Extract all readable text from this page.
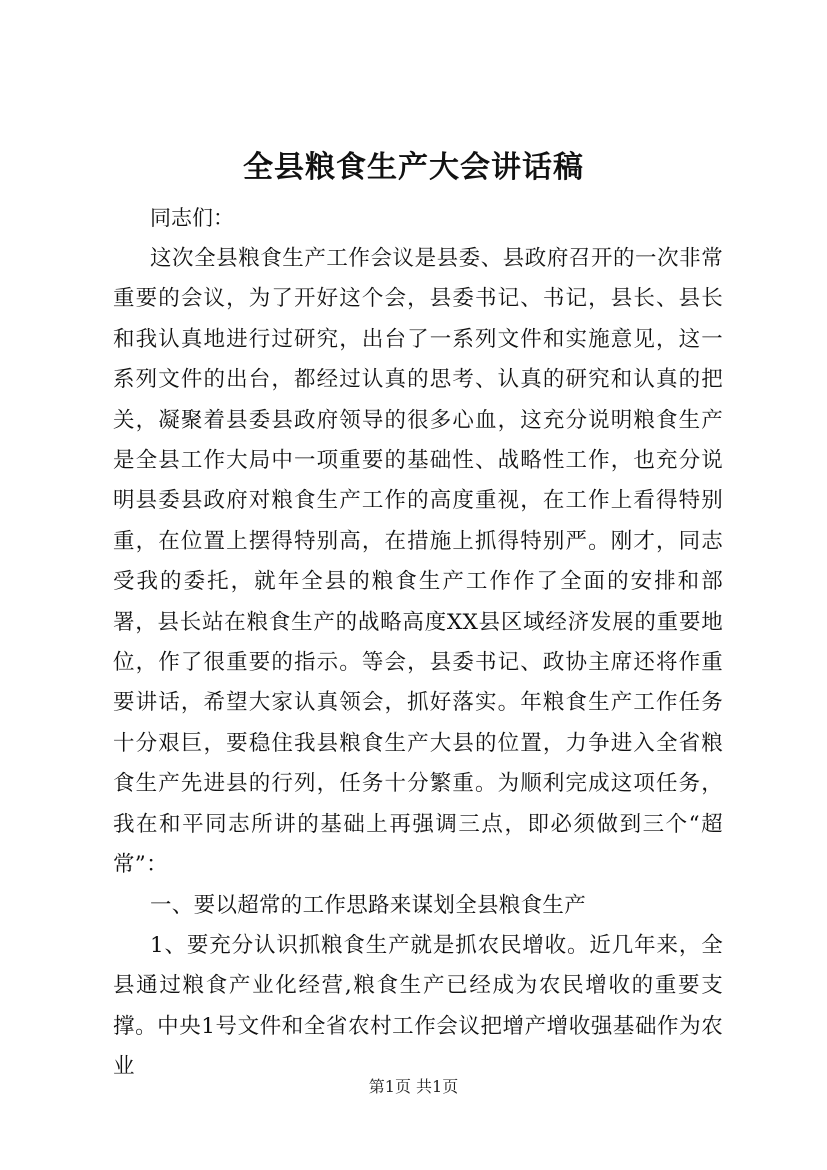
全县粮食生产大会讲话稿
同志们：

这次全县粮食生产工作会议是县委、县政府召开的一次非常重要的会议，为了开好这个会，县委书记、书记，县长、县长和我认真地进行过研究，出台了一系列文件和实施意见，这一系列文件的出台，都经过认真的思考、认真的研究和认真的把关，凝聚着县委县政府领导的很多心血，这充分说明粮食生产是全县工作大局中一项重要的基础性、战略性工作，也充分说明县委县政府对粮食生产工作的高度重视，在工作上看得特别重，在位置上摆得特别高，在措施上抓得特别严。刚才，同志受我的委托，就年全县的粮食生产工作作了全面的安排和部署，县长站在粮食生产的战略高度XX县区域经济发展的重要地位，作了很重要的指示。等会，县委书记、政协主席还将作重要讲话，希望大家认真领会，抓好落实。年粮食生产工作任务十分艰巨，要稳住我县粮食生产大县的位置，力争进入全省粮食生产先进县的行列，任务十分繁重。为顺利完成这项任务，我在和平同志所讲的基础上再强调三点，即必须做到三个“超常”：

一、要以超常的工作思路来谋划全县粮食生产

1、要充分认识抓粮食生产就是抓农民增收。近几年来，全县通过粮食产业化经营,粮食生产已经成为农民增收的重要支撑。中央1号文件和全省农村工作会议把增产增收强基础作为农业

第1页 共1页
